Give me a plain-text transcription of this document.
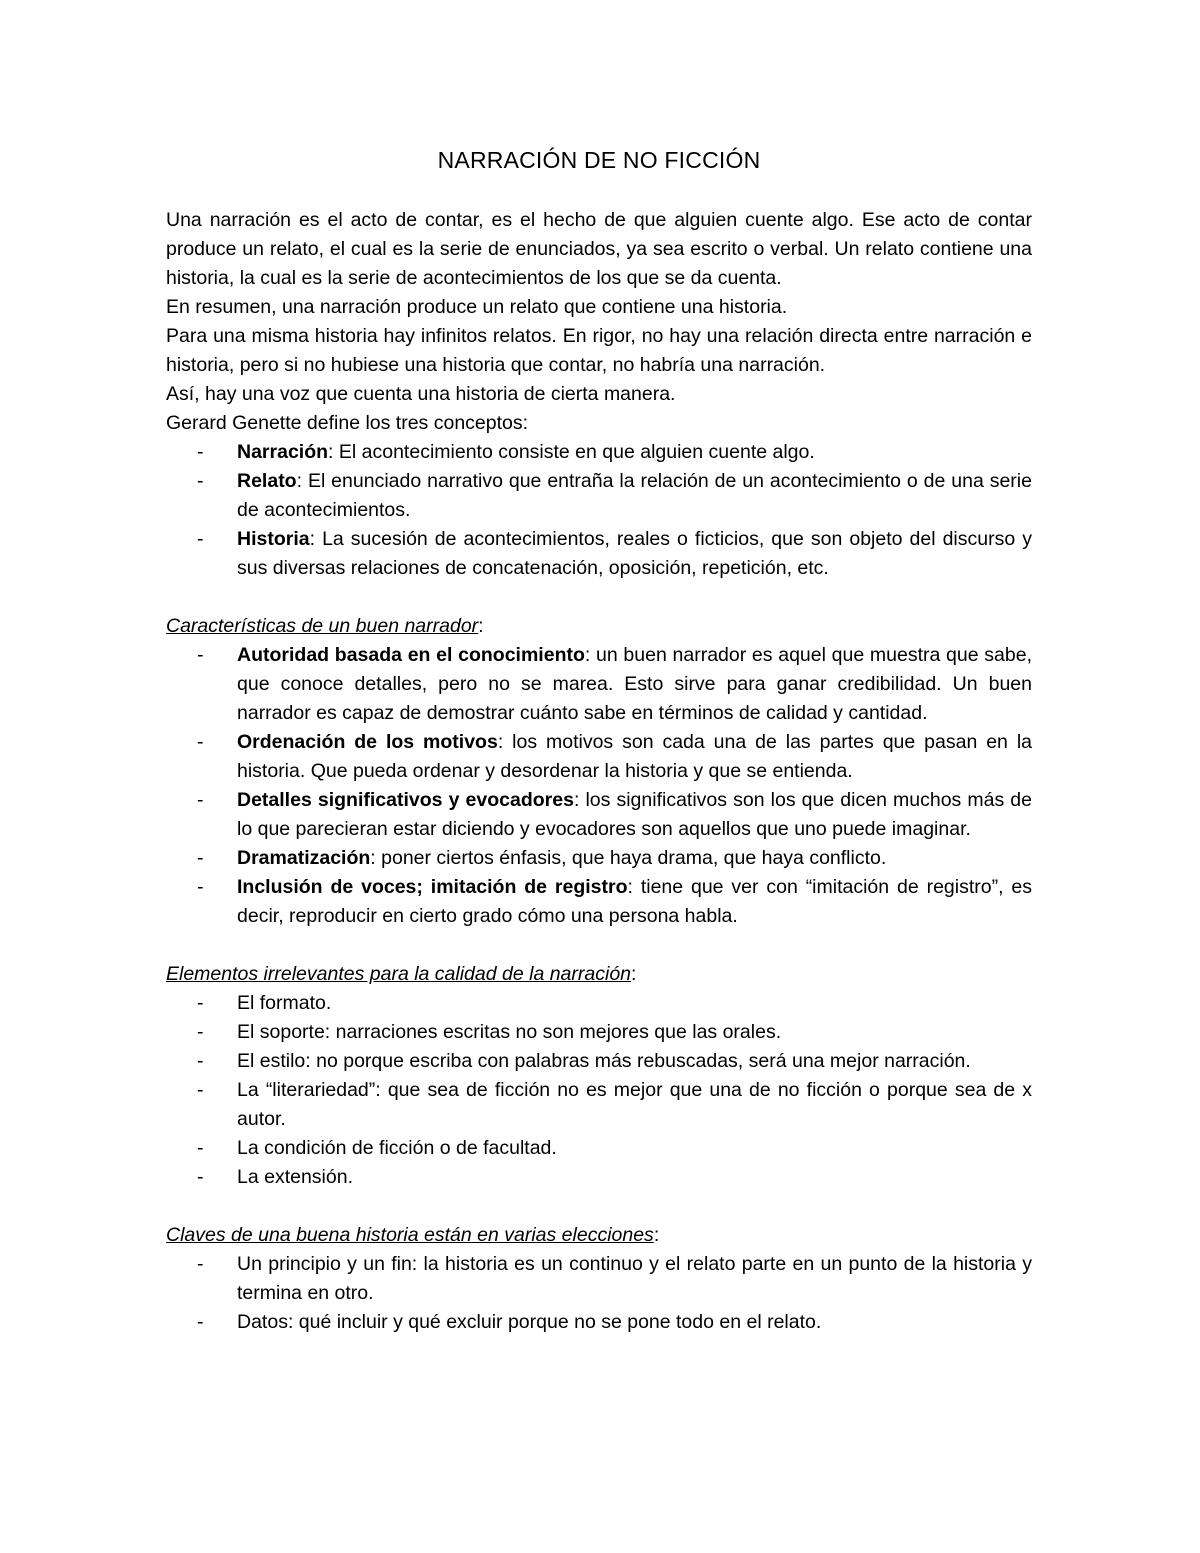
NARRACIÓN DE NO FICCIÓN

Una narración es el acto de contar, es el hecho de que alguien cuente algo. Ese acto de contar produce un relato, el cual es la serie de enunciados, ya sea escrito o verbal. Un relato contiene una historia, la cual es la serie de acontecimientos de los que se da cuenta.

En resumen, una narración produce un relato que contiene una historia.

Para una misma historia hay infinitos relatos. En rigor, no hay una relación directa entre narración e historia, pero si no hubiese una historia que contar, no habría una narración.

Así, hay una voz que cuenta una historia de cierta manera.

Gerard Genette define los tres conceptos:

- Narración: El acontecimiento consiste en que alguien cuente algo.
- Relato: El enunciado narrativo que entraña la relación de un acontecimiento o de una serie de acontecimientos.
- Historia: La sucesión de acontecimientos, reales o ficticios, que son objeto del discurso y sus diversas relaciones de concatenación, oposición, repetición, etc.

Características de un buen narrador:

- Autoridad basada en el conocimiento: un buen narrador es aquel que muestra que sabe, que conoce detalles, pero no se marea. Esto sirve para ganar credibilidad. Un buen narrador es capaz de demostrar cuánto sabe en términos de calidad y cantidad.
- Ordenación de los motivos: los motivos son cada una de las partes que pasan en la historia. Que pueda ordenar y desordenar la historia y que se entienda.
- Detalles significativos y evocadores: los significativos son los que dicen muchos más de lo que parecieran estar diciendo y evocadores son aquellos que uno puede imaginar.
- Dramatización: poner ciertos énfasis, que haya drama, que haya conflicto.
- Inclusión de voces; imitación de registro: tiene que ver con “imitación de registro”, es decir, reproducir en cierto grado cómo una persona habla.

Elementos irrelevantes para la calidad de la narración:

- El formato.
- El soporte: narraciones escritas no son mejores que las orales.
- El estilo: no porque escriba con palabras más rebuscadas, será una mejor narración.
- La “literariedad”: que sea de ficción no es mejor que una de no ficción o porque sea de x autor.
- La condición de ficción o de facultad.
- La extensión.

Claves de una buena historia están en varias elecciones:

- Un principio y un fin: la historia es un continuo y el relato parte en un punto de la historia y termina en otro.
- Datos: qué incluir y qué excluir porque no se pone todo en el relato.
